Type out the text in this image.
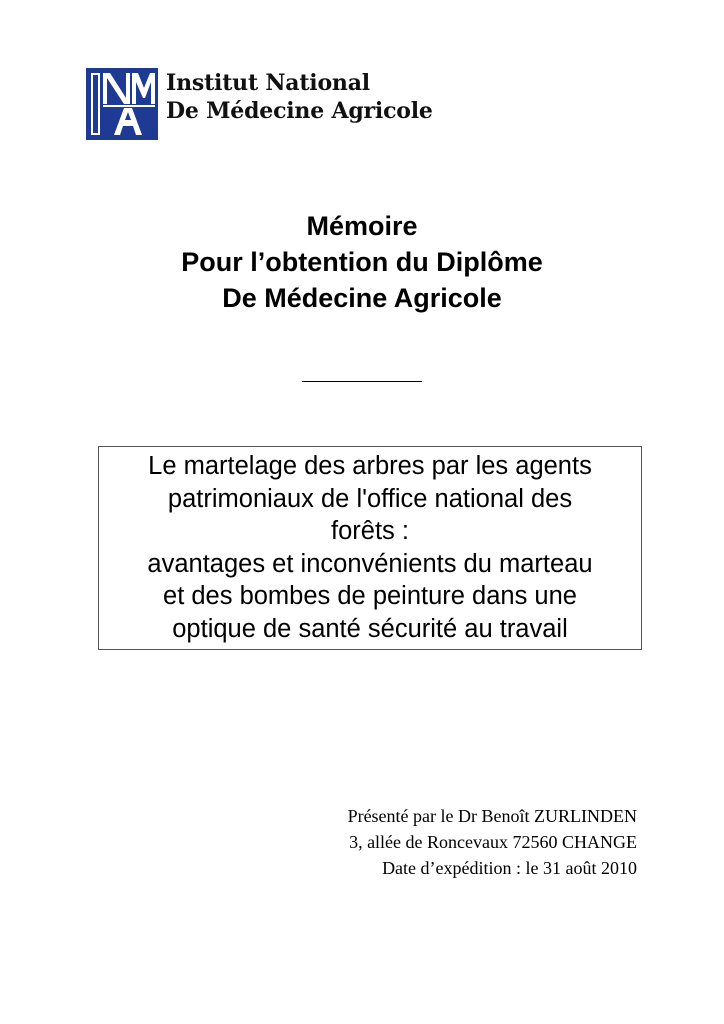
Institut National
De Médecine Agricole
Mémoire
Pour l’obtention du Diplôme
De Médecine Agricole
Le martelage des arbres par les agents
patrimoniaux de l'office national des
forêts :
avantages et inconvénients du marteau
et des bombes de peinture dans une
optique de santé sécurité au travail
Présenté par le Dr Benoît ZURLINDEN
3, allée de Roncevaux 72560 CHANGE
Date d’expédition : le 31 août 2010
